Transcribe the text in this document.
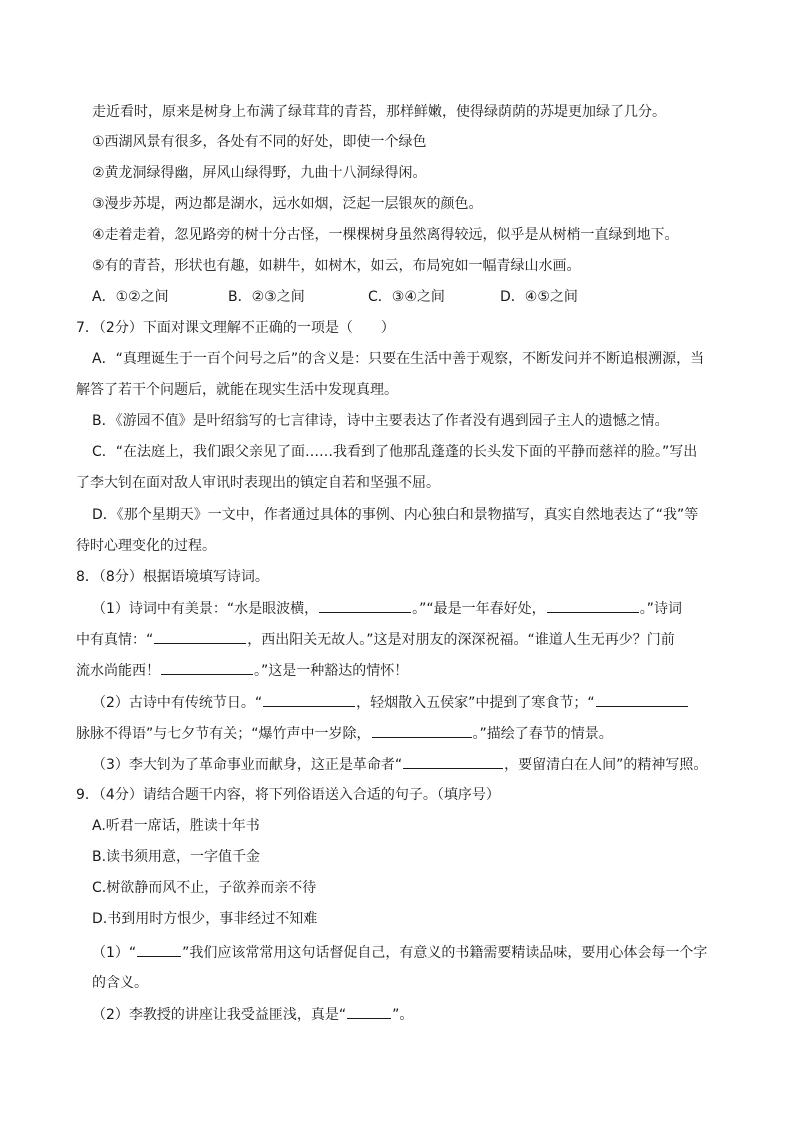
走近看时，原来是树身上布满了绿茸茸的青苔，那样鲜嫩，使得绿荫荫的苏堤更加绿了几分。
①西湖风景有很多，各处有不同的好处，即使一个绿色
②黄龙洞绿得幽，屏风山绿得野，九曲十八洞绿得闲。
③漫步苏堤，两边都是湖水，远水如烟，泛起一层银灰的颜色。
④走着走着，忽见路旁的树十分古怪，一棵棵树身虽然离得较远，似乎是从树梢一直绿到地下。
⑤有的青苔，形状也有趣，如耕牛，如树木，如云，布局宛如一幅青绿山水画。
A．①②之间	B．②③之间	C．③④之间	D．④⑤之间
7．（2分）下面对课文理解不正确的一项是（　　）
A．“真理诞生于一百个问号之后”的含义是：只要在生活中善于观察，不断发问并不断追根溯源，当
解答了若干个问题后，就能在现实生活中发现真理。
B．《游园不值》是叶绍翁写的七言律诗，诗中主要表达了作者没有遇到园子主人的遗憾之情。
C．“在法庭上，我们跟父亲见了面……我看到了他那乱蓬蓬的长头发下面的平静而慈祥的脸。”写出
了李大钊在面对敌人审讯时表现出的镇定自若和坚强不屈。
D．《那个星期天》一文中，作者通过具体的事例、内心独白和景物描写，真实自然地表达了“我”等
待时心理变化的过程。
8．（8分）根据语境填写诗词。
（1）诗词中有美景：“水是眼波横，	。”“最是一年春好处，	。”诗词
中有真情：“	，西出阳关无故人。”这是对朋友的深深祝福。“谁道人生无再少？门前
流水尚能西！	。”这是一种豁达的情怀！
（2）古诗中有传统节日。“	，轻烟散入五侯家”中提到了寒食节；“
脉脉不得语”与七夕节有关；“爆竹声中一岁除，	。”描绘了春节的情景。
（3）李大钊为了革命事业而献身，这正是革命者“	，要留清白在人间”的精神写照。
9．（4分）请结合题干内容，将下列俗语送入合适的句子。（填序号）
A.听君一席话，胜读十年书
B.读书须用意，一字值千金
C.树欲静而风不止，子欲养而亲不待
D.书到用时方恨少，事非经过不知难
（1）“	”我们应该常常用这句话督促自己，有意义的书籍需要精读品味，要用心体会每一个字
的含义。
（2）李教授的讲座让我受益匪浅，真是“	”。
